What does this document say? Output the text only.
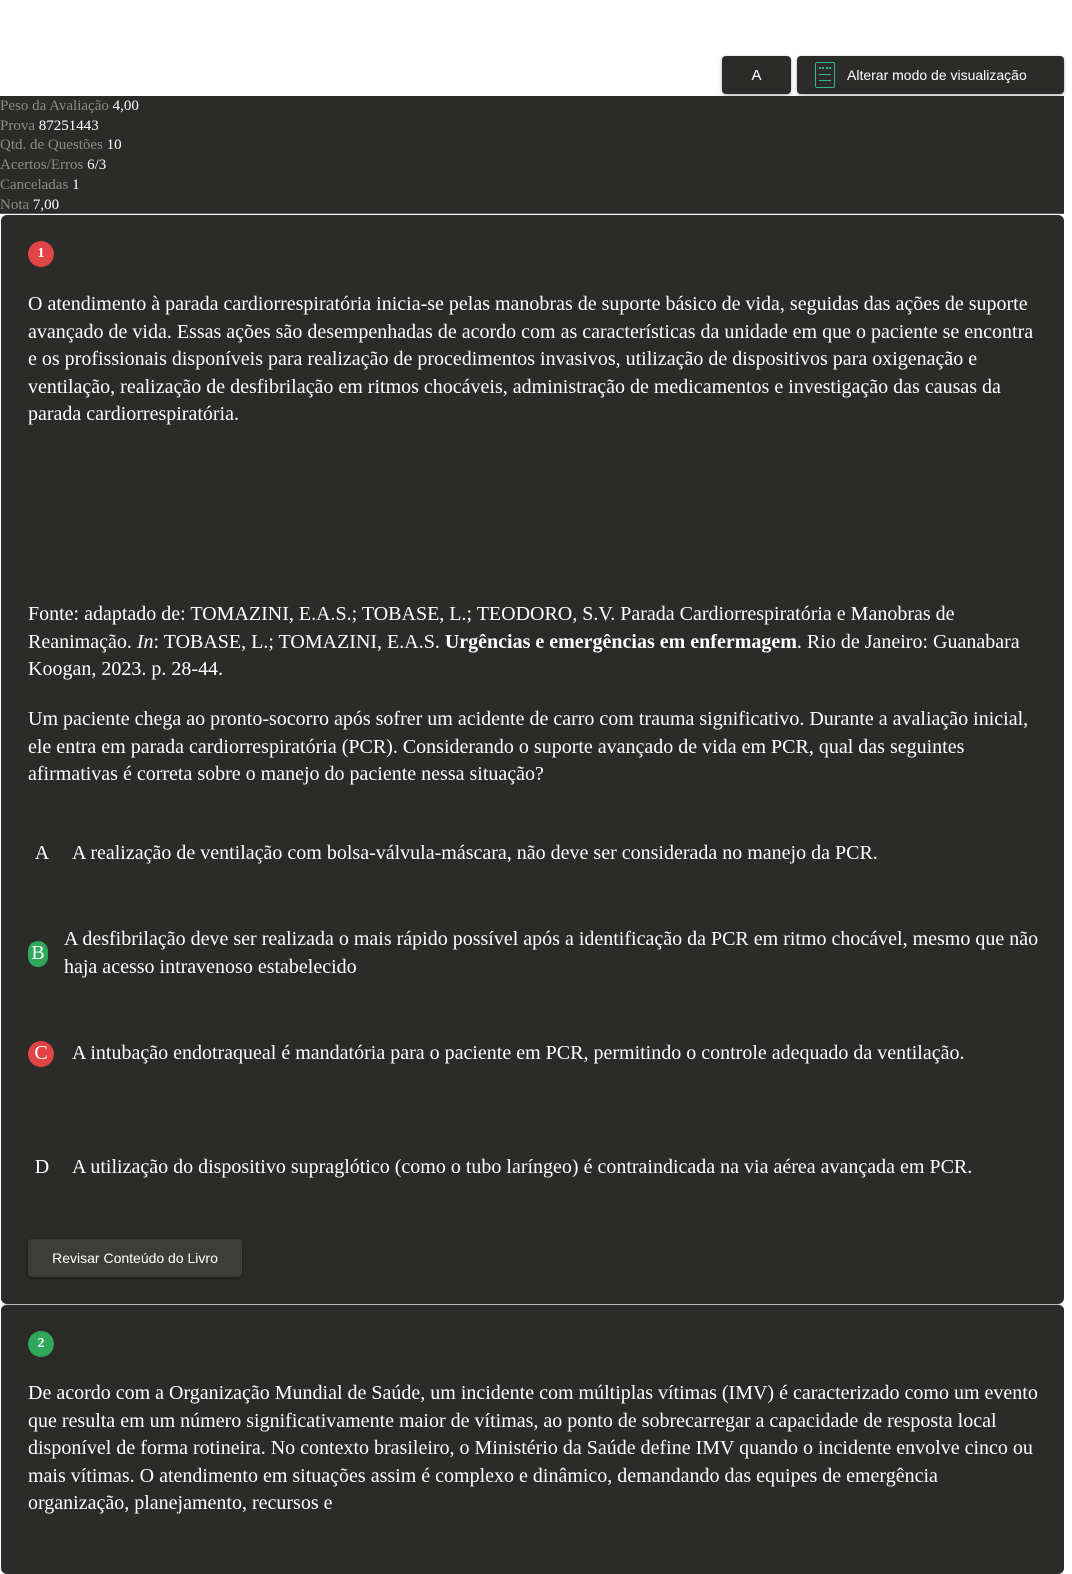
A	Alterar modo de visualização
Peso da Avaliação 4,00
Prova 87251443
Qtd. de Questões 10
Acertos/Erros 6/3
Canceladas 1
Nota 7,00
1

O atendimento à parada cardiorrespiratória inicia-se pelas manobras de suporte básico de vida, seguidas das ações de suporte avançado de vida. Essas ações são desempenhadas de acordo com as características da unidade em que o paciente se encontra e os profissionais disponíveis para realização de procedimentos invasivos, utilização de dispositivos para oxigenação e ventilação, realização de desfibrilação em ritmos chocáveis, administração de medicamentos e investigação das causas da parada cardiorrespiratória.

Fonte: adaptado de: TOMAZINI, E.A.S.; TOBASE, L.; TEODORO, S.V. Parada Cardiorrespiratória e Manobras de Reanimação. In: TOBASE, L.; TOMAZINI, E.A.S. Urgências e emergências em enfermagem. Rio de Janeiro: Guanabara Koogan, 2023. p. 28-44.

Um paciente chega ao pronto-socorro após sofrer um acidente de carro com trauma significativo. Durante a avaliação inicial, ele entra em parada cardiorrespiratória (PCR). Considerando o suporte avançado de vida em PCR, qual das seguintes afirmativas é correta sobre o manejo do paciente nessa situação?

A	A realização de ventilação com bolsa-válvula-máscara, não deve ser considerada no manejo da PCR.
B
A desfibrilação deve ser realizada o mais rápido possível após a identificação da PCR em ritmo chocável, mesmo que não haja acesso intravenoso estabelecido
C	A intubação endotraqueal é mandatória para o paciente em PCR, permitindo o controle adequado da ventilação.
D	A utilização do dispositivo supraglótico (como o tubo laríngeo) é contraindicada na via aérea avançada em PCR.
Revisar Conteúdo do Livro
2

De acordo com a Organização Mundial de Saúde, um incidente com múltiplas vítimas (IMV) é caracterizado como um evento que resulta em um número significativamente maior de vítimas, ao ponto de sobrecarregar a capacidade de resposta local disponível de forma rotineira. No contexto brasileiro, o Ministério da Saúde define IMV quando o incidente envolve cinco ou mais vítimas. O atendimento em situações assim é complexo e dinâmico, demandando das equipes de emergência organização, planejamento, recursos e
